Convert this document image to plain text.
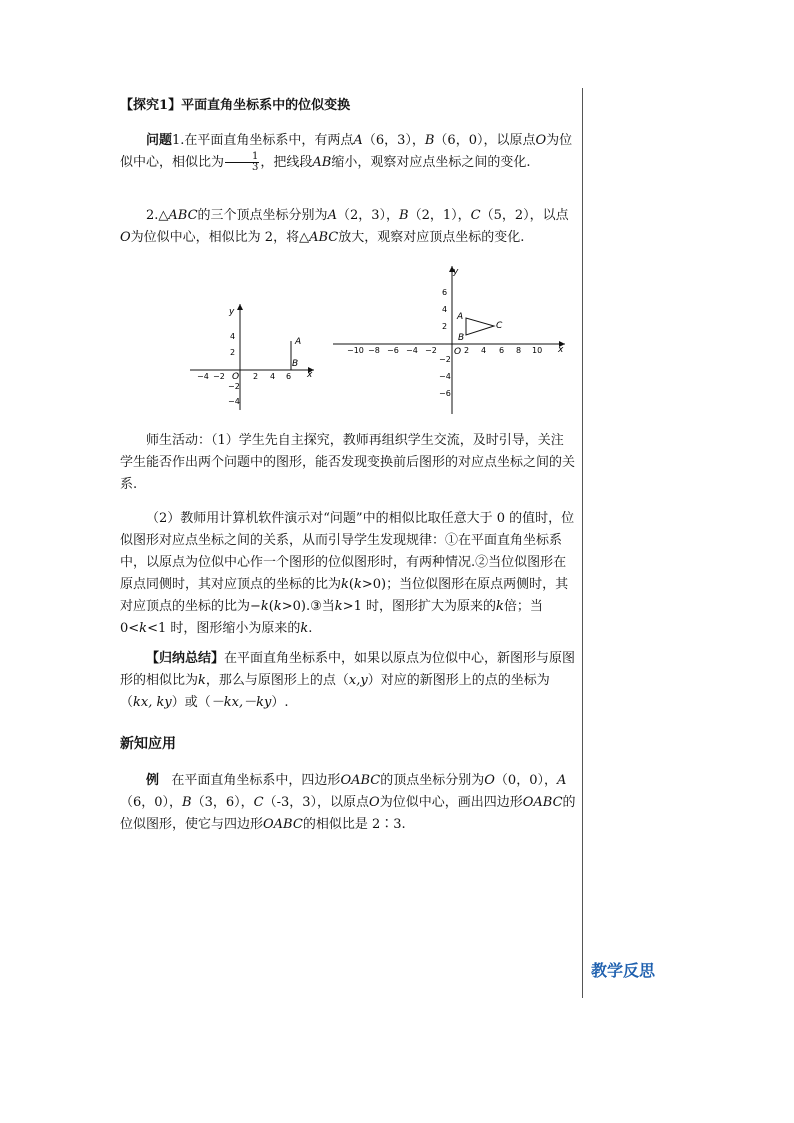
【探究1】平面直角坐标系中的位似变换
问题1.在平面直角坐标系中，有两点A（6，3），B（6，0），以原点O为位似中心，相似比为 $\frac{1}{3}$ ，把线段AB缩小，观察对应点坐标之间的变化.
2.△ABC的三个顶点坐标分别为A（2，3），B（2，1），C（5，2），以点O为位似中心，相似比为 2，将△ABC放大，观察对应顶点坐标的变化.
y
x
O
−4 −2	2 4 6
4
2
−2
−4
A
B
y
x
O
−10 −8 −6 −4 −2	2 4 6 8 10
6
4
2
−2
−4
−6
A
B
C
师生活动：（1）学生先自主探究，教师再组织学生交流，及时引导，关注学生能否作出两个问题中的图形，能否发现变换前后图形的对应点坐标之间的关系.
（2）教师用计算机软件演示对“问题”中的相似比取任意大于 0 的值时，位似图形对应点坐标之间的关系，从而引导学生发现规律：①在平面直角坐标系中，以原点为位似中心作一个图形的位似图形时，有两种情况.②当位似图形在原点同侧时，其对应顶点的坐标的比为k(k>0)；当位似图形在原点两侧时，其对应顶点的坐标的比为−k(k>0).③当k>1 时，图形扩大为原来的k倍；当 0<k<1 时，图形缩小为原来的k.
【归纳总结】在平面直角坐标系中，如果以原点为位似中心，新图形与原图形的相似比为k，那么与原图形上的点（x,y）对应的新图形上的点的坐标为（kx, ky）或（－kx,－ky）.
新知应用
例 在平面直角坐标系中，四边形OABC的顶点坐标分别为O（0，0），A（6，0），B（3，6），C（-3，3），以原点O为位似中心，画出四边形OABC的位似图形，使它与四边形OABC的相似比是 2∶3.
教学反思
